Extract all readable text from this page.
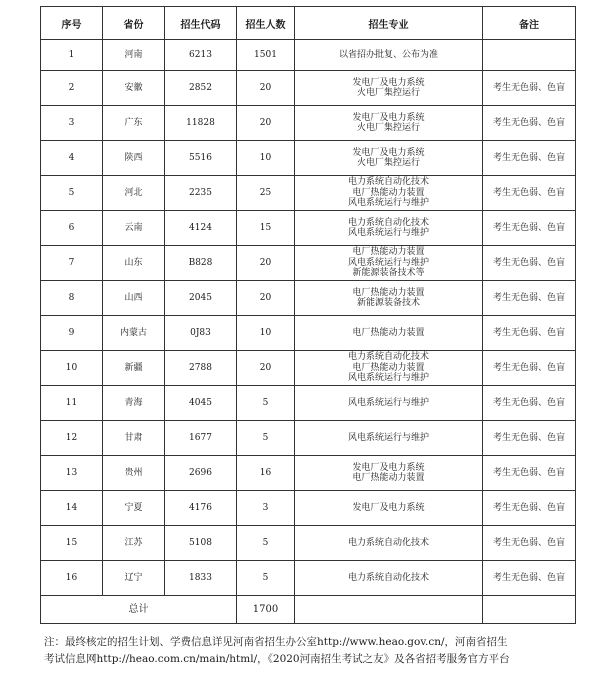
序号	省份	招生代码	招生人数	招生专业	备注
1	河南	6213	1501	以省招办批复、公布为准	

2	安徽	2852	20	发电厂及电力系统
火电厂集控运行	考生无色弱、色盲
3	广东	11828	20	发电厂及电力系统
火电厂集控运行	考生无色弱、色盲
4	陕西	5516	10	发电厂及电力系统
火电厂集控运行	考生无色弱、色盲
5	河北	2235	25	电力系统自动化技术
电厂热能动力装置
风电系统运行与维护	考生无色弱、色盲
6	云南	4124	15	电力系统自动化技术
风电系统运行与维护	考生无色弱、色盲
7	山东	B828	20	电厂热能动力装置
风电系统运行与维护
新能源装备技术等	考生无色弱、色盲
8	山西	2045	20	电厂热能动力装置
新能源装备技术	考生无色弱、色盲
9	内蒙古	0J83	10	电厂热能动力装置	考生无色弱、色盲
10	新疆	2788	20	电力系统自动化技术
电厂热能动力装置
风电系统运行与维护	考生无色弱、色盲
11	青海	4045	5	风电系统运行与维护	考生无色弱、色盲
12	甘肃	1677	5	风电系统运行与维护	考生无色弱、色盲
13	贵州	2696	16	发电厂及电力系统
电厂热能动力装置	考生无色弱、色盲
14	宁夏	4176	3	发电厂及电力系统	考生无色弱、色盲
15	江苏	5108	5	电力系统自动化技术	考生无色弱、色盲
16	辽宁	1833	5	电力系统自动化技术	考生无色弱、色盲
总计			1700		
注：最终核定的招生计划、学费信息详见河南省招生办公室http://www.heao.gov.cn/，河南省招生
考试信息网http://heao.com.cn/main/html/，《2020河南招生考试之友》及各省招考服务官方平台
